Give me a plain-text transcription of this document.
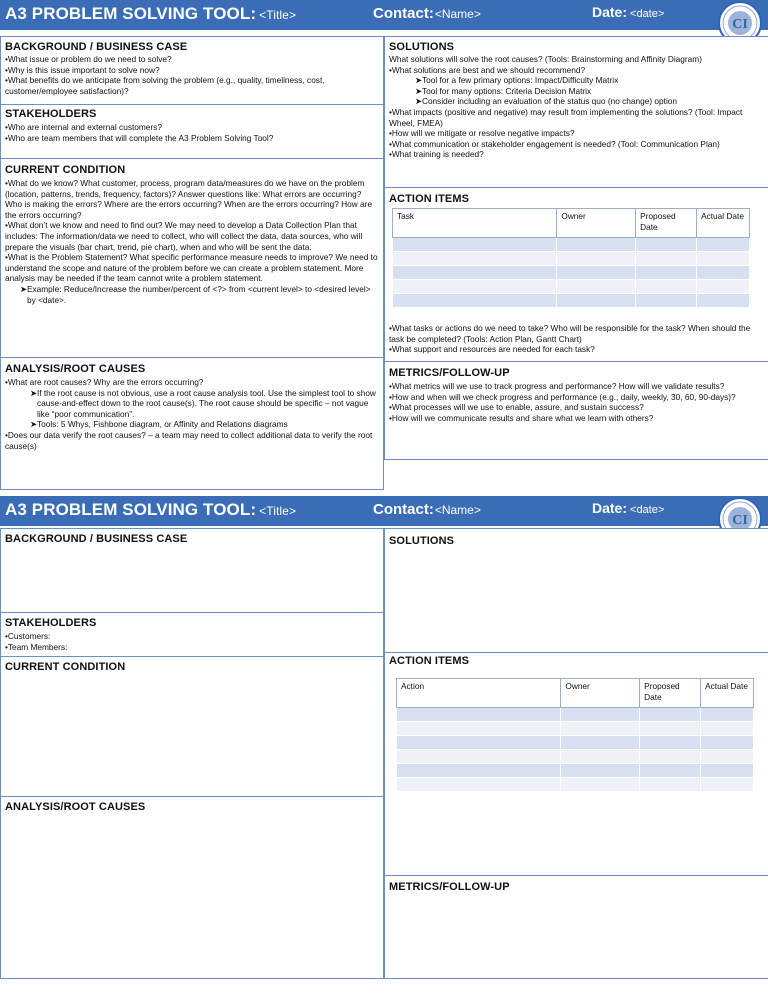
A3 PROBLEM SOLVING TOOL: <Title>	Contact:<Name>	Date: <date>
CI
BACKGROUND / BUSINESS CASE

•What issue or problem do we need to solve?

•Why is this issue important to solve now?

•What benefits do we anticipate from solving the problem (e.g., quality, timeliness, cost, customer/employee satisfaction)?

STAKEHOLDERS

•Who are internal and external customers?

•Who are team members that will complete the A3 Problem Solving Tool?

CURRENT CONDITION

•What do we know? What customer, process, program data/measures do we have on the problem (location, patterns, trends, frequency, factors)? Answer questions like: What errors are occurring? Who is making the errors? Where are the errors occurring? When are the errors occurring? How are the errors occurring?

•What don’t we know and need to find out? We may need to develop a Data Collection Plan that includes: The information/data we need to collect, who will collect the data, data sources, who will prepare the visuals (bar chart, trend, pie chart), when and who will be sent the data.

•What is the Problem Statement? What specific performance measure needs to improve? We need to understand the scope and nature of the problem before we can create a problem statement. More analysis may be needed if the team cannot write a problem statement.

➤Example: Reduce/Increase the number/percent of <?> from <current level> to <desired level> by <date>.

ANALYSIS/ROOT CAUSES

•What are root causes? Why are the errors occurring?

➤If the root cause is not obvious, use a root cause analysis tool. Use the simplest tool to show cause-and-effect down to the root cause(s). The root cause should be specific – not vague like “poor communication”.

➤Tools: 5 Whys, Fishbone diagram, or Affinity and Relations diagrams

•Does our data verify the root causes? – a team may need to collect additional data to verify the root cause(s)

SOLUTIONS

What solutions will solve the root causes? (Tools: Brainstorming and Affinity Diagram)

•What solutions are best and we should recommend?

➤Tool for a few primary options: Impact/Difficulty Matrix

➤Tool for many options: Criteria Decision Matrix

➤Consider including an evaluation of the status quo (no change) option

•What impacts (positive and negative) may result from implementing the solutions? (Tool: Impact Wheel, FMEA)

•How will we mitigate or resolve negative impacts?

•What communication or stakeholder engagement is needed? (Tool: Communication Plan)

•What training is needed?

ACTION ITEMS
Task	Owner	Proposed Date	Actual Date

•What tasks or actions do we need to take? Who will be responsible for the task? When should the task be completed? (Tools: Action Plan, Gantt Chart)

•What support and resources are needed for each task?

METRICS/FOLLOW-UP

•What metrics will we use to track progress and performance? How will we validate results?

•How and when will we check progress and performance (e.g., daily, weekly, 30, 60, 90-days)?

•What processes will we use to enable, assure, and sustain success?

•How will we communicate results and share what we learn with others?

A3 PROBLEM SOLVING TOOL: <Title>	Contact:<Name>	Date: <date>
CI
BACKGROUND / BUSINESS CASE
STAKEHOLDERS

•Customers:

•Team Members:

CURRENT CONDITION
ANALYSIS/ROOT CAUSES
SOLUTIONS
ACTION ITEMS
Action	Owner	Proposed Date	Actual Date

METRICS/FOLLOW-UP
